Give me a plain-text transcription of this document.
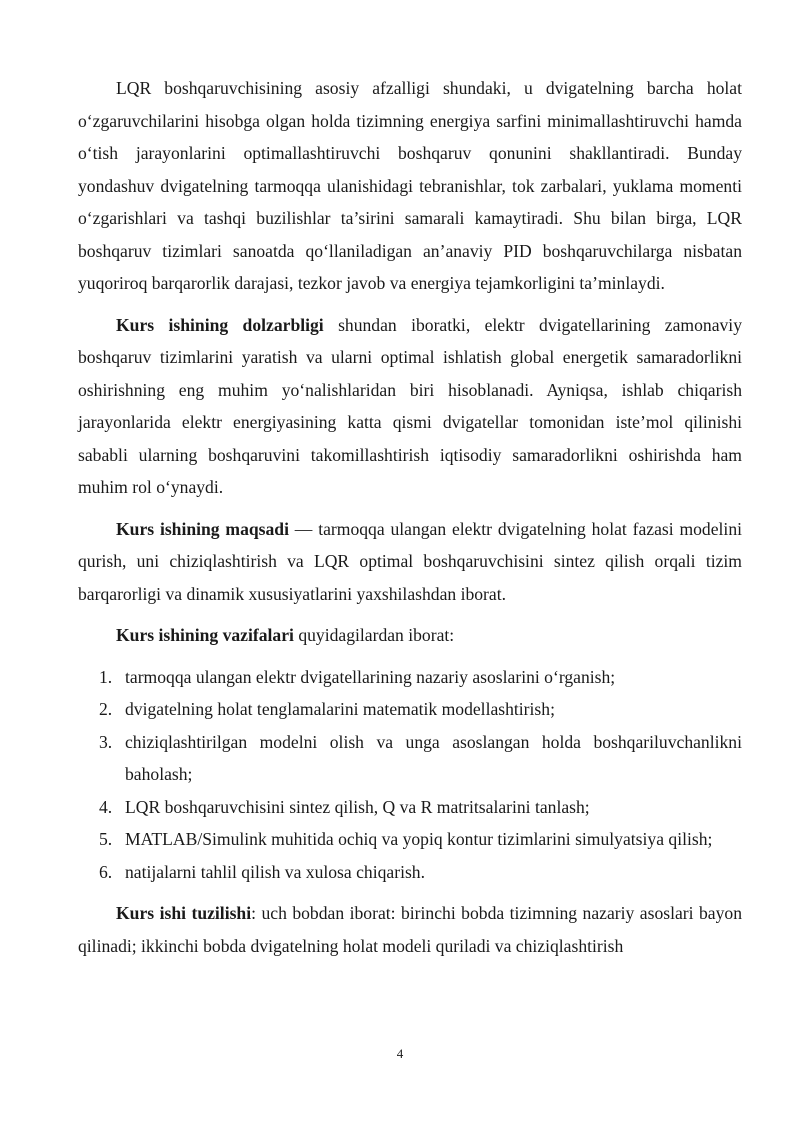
LQR boshqaruvchisining asosiy afzalligi shundaki, u dvigatelning barcha holat o‘zgaruvchilarini hisobga olgan holda tizimning energiya sarfini minimallashtiruvchi hamda o‘tish jarayonlarini optimallashtiruvchi boshqaruv qonunini shakllantiradi. Bunday yondashuv dvigatelning tarmoqqa ulanishidagi tebranishlar, tok zarbalari, yuklama momenti o‘zgarishlari va tashqi buzilishlar ta’sirini samarali kamaytiradi. Shu bilan birga, LQR boshqaruv tizimlari sanoatda qo‘llaniladigan an’anaviy PID boshqaruvchilarga nisbatan yuqoriroq barqarorlik darajasi, tezkor javob va energiya tejamkorligini ta’minlaydi.

Kurs ishining dolzarbligi shundan iboratki, elektr dvigatellarining zamonaviy boshqaruv tizimlarini yaratish va ularni optimal ishlatish global energetik samaradorlikni oshirishning eng muhim yo‘nalishlaridan biri hisoblanadi. Ayniqsa, ishlab chiqarish jarayonlarida elektr energiyasining katta qismi dvigatellar tomonidan iste’mol qilinishi sababli ularning boshqaruvini takomillashtirish iqtisodiy samaradorlikni oshirishda ham muhim rol o‘ynaydi.

Kurs ishining maqsadi — tarmoqqa ulangan elektr dvigatelning holat fazasi modelini qurish, uni chiziqlashtirish va LQR optimal boshqaruvchisini sintez qilish orqali tizim barqarorligi va dinamik xususiyatlarini yaxshilashdan iborat.

Kurs ishining vazifalari quyidagilardan iborat:

1. tarmoqqa ulangan elektr dvigatellarining nazariy asoslarini o‘rganish;
2. dvigatelning holat tenglamalarini matematik modellashtirish;
3. chiziqlashtirilgan modelni olish va unga asoslangan holda boshqariluvchanlikni baholash;
4. LQR boshqaruvchisini sintez qilish, Q va R matritsalarini tanlash;
5. MATLAB/Simulink muhitida ochiq va yopiq kontur tizimlarini simulyatsiya qilish;
6. natijalarni tahlil qilish va xulosa chiqarish.

Kurs ishi tuzilishi: uch bobdan iborat: birinchi bobda tizimning nazariy asoslari bayon qilinadi; ikkinchi bobda dvigatelning holat modeli quriladi va chiziqlashtirish

4
